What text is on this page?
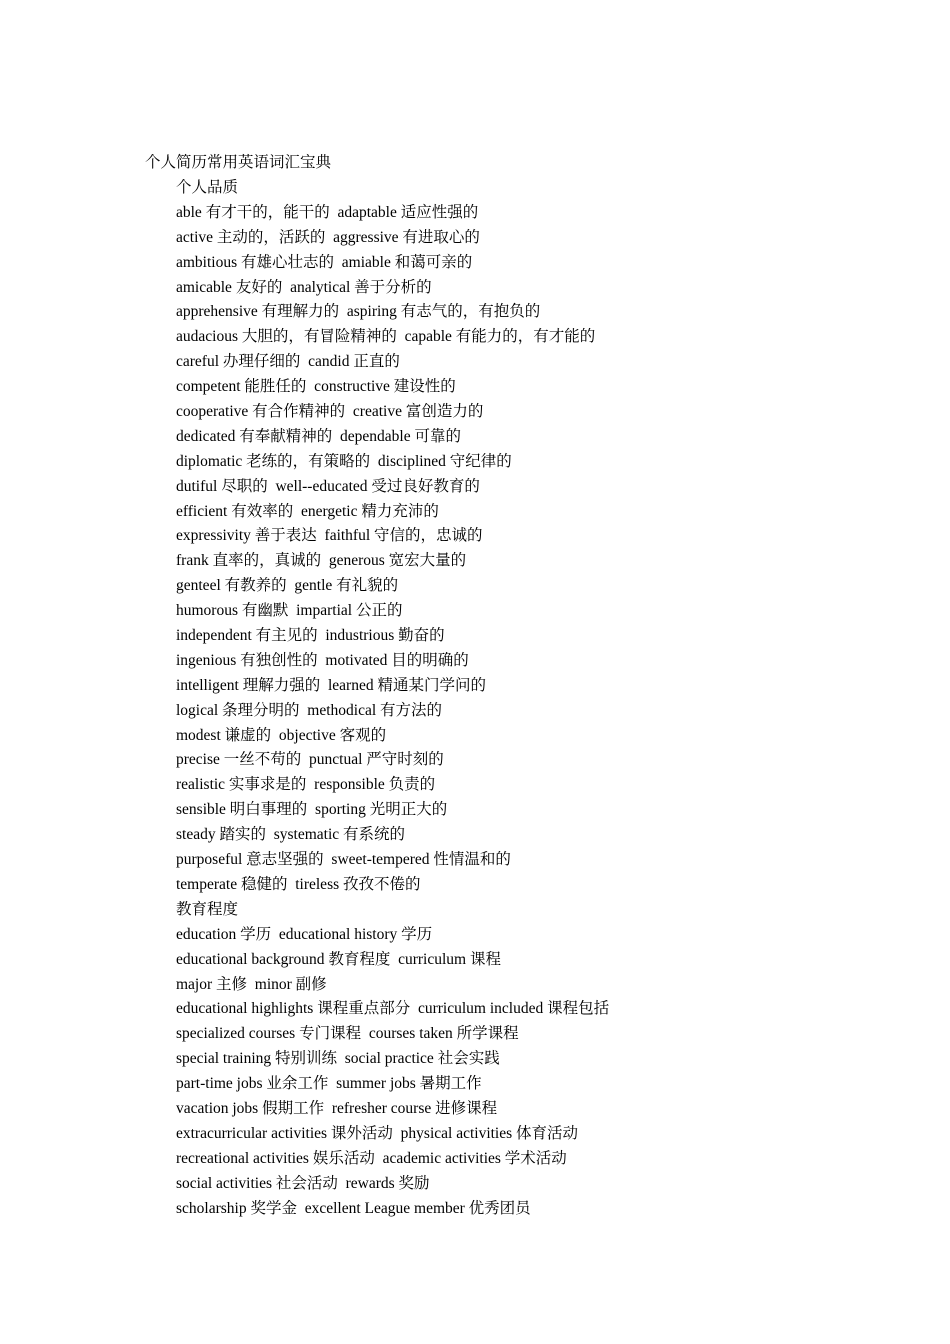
个人简历常用英语词汇宝典
个人品质
able 有才干的，能干的  adaptable 适应性强的
active 主动的，活跃的  aggressive 有进取心的
ambitious 有雄心壮志的  amiable 和蔼可亲的
amicable 友好的  analytical 善于分析的
apprehensive 有理解力的  aspiring 有志气的，有抱负的
audacious 大胆的，有冒险精神的  capable 有能力的，有才能的
careful 办理仔细的  candid 正直的
competent 能胜任的  constructive 建设性的
cooperative 有合作精神的  creative 富创造力的
dedicated 有奉献精神的  dependable 可靠的
diplomatic 老练的，有策略的  disciplined 守纪律的
dutiful 尽职的  well--educated 受过良好教育的
efficient 有效率的  energetic 精力充沛的
expressivity 善于表达  faithful 守信的，忠诚的
frank 直率的，真诚的  generous 宽宏大量的
genteel 有教养的  gentle 有礼貌的
humorous 有幽默  impartial 公正的
independent 有主见的  industrious 勤奋的
ingenious 有独创性的  motivated 目的明确的
intelligent 理解力强的  learned 精通某门学问的
logical 条理分明的  methodical 有方法的
modest 谦虚的  objective 客观的
precise 一丝不苟的  punctual 严守时刻的
realistic 实事求是的  responsible 负责的
sensible 明白事理的  sporting 光明正大的
steady 踏实的  systematic 有系统的
purposeful 意志坚强的  sweet-tempered 性情温和的
temperate 稳健的  tireless 孜孜不倦的
教育程度
education 学历  educational history 学历
educational background 教育程度  curriculum 课程
major 主修  minor 副修
educational highlights 课程重点部分  curriculum included 课程包括
specialized courses 专门课程  courses taken 所学课程
special training 特别训练  social practice 社会实践
part-time jobs 业余工作  summer jobs 暑期工作
vacation jobs 假期工作  refresher course 进修课程
extracurricular activities 课外活动  physical activities 体育活动
recreational activities 娱乐活动  academic activities 学术活动
social activities 社会活动  rewards 奖励
scholarship 奖学金  excellent League member 优秀团员
